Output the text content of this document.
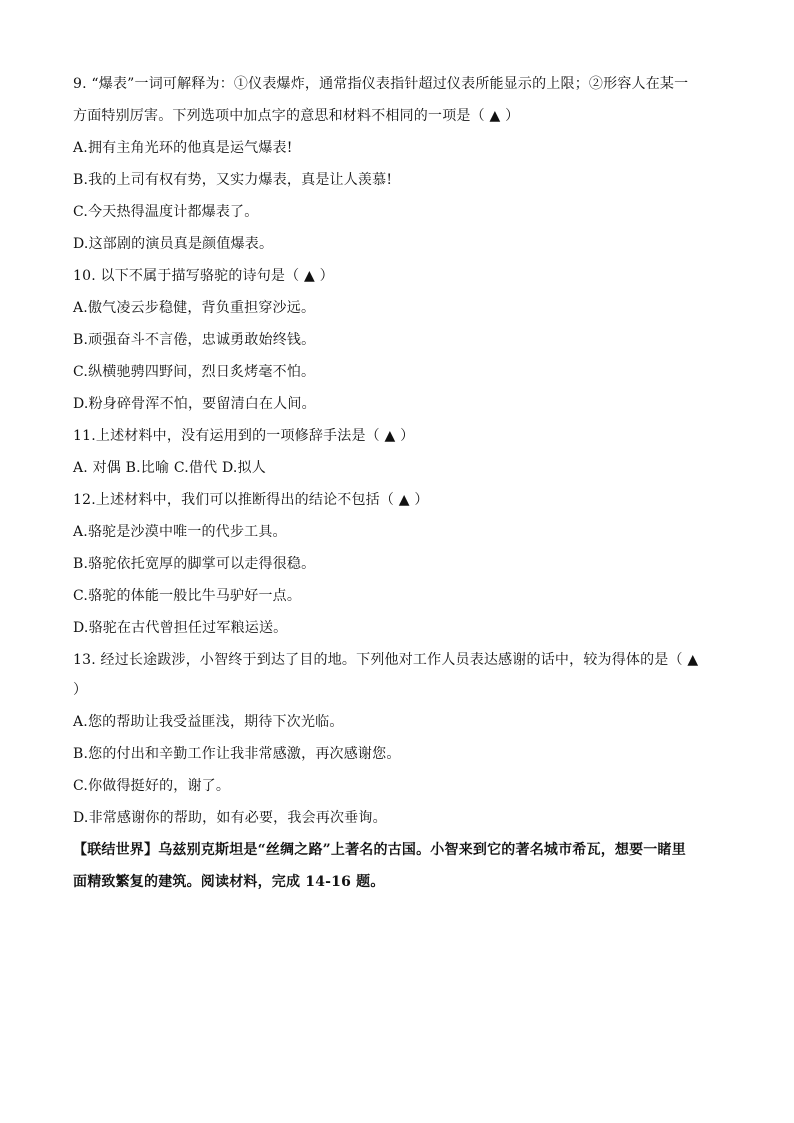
9. “爆表”一词可解释为：①仪表爆炸，通常指仪表指针超过仪表所能显示的上限；②形容人在某一
方面特别厉害。下列选项中加点字的意思和材料不相同的一项是（ ▲ ）
A.拥有主角光环的他真是运气爆表!
B.我的上司有权有势，又实力爆表，真是让人羡慕!
C.今天热得温度计都爆表了。
D.这部剧的演员真是颜值爆表。
10. 以下不属于描写骆驼的诗句是（ ▲ ）
A.傲气凌云步稳健，背负重担穿沙远。
B.顽强奋斗不言倦，忠诚勇敢始终钱。
C.纵横驰骋四野间，烈日炙烤毫不怕。
D.粉身碎骨浑不怕，要留清白在人间。
11.上述材料中，没有运用到的一项修辞手法是（ ▲ ）
A. 对偶 B.比喻 C.借代 D.拟人
12.上述材料中，我们可以推断得出的结论不包括（ ▲ ）
A.骆驼是沙漠中唯一的代步工具。
B.骆驼依托宽厚的脚掌可以走得很稳。
C.骆驼的体能一般比牛马驴好一点。
D.骆驼在古代曾担任过军粮运送。
13. 经过长途跋涉，小智终于到达了目的地。下列他对工作人员表达感谢的话中，较为得体的是（ ▲
）
A.您的帮助让我受益匪浅，期待下次光临。
B.您的付出和辛勤工作让我非常感激，再次感谢您。
C.你做得挺好的，谢了。
D.非常感谢你的帮助，如有必要，我会再次垂询。
【联结世界】乌兹别克斯坦是“丝绸之路”上著名的古国。小智来到它的著名城市希瓦，想要一睹里
面精致繁复的建筑。阅读材料，完成 14-16 题。
